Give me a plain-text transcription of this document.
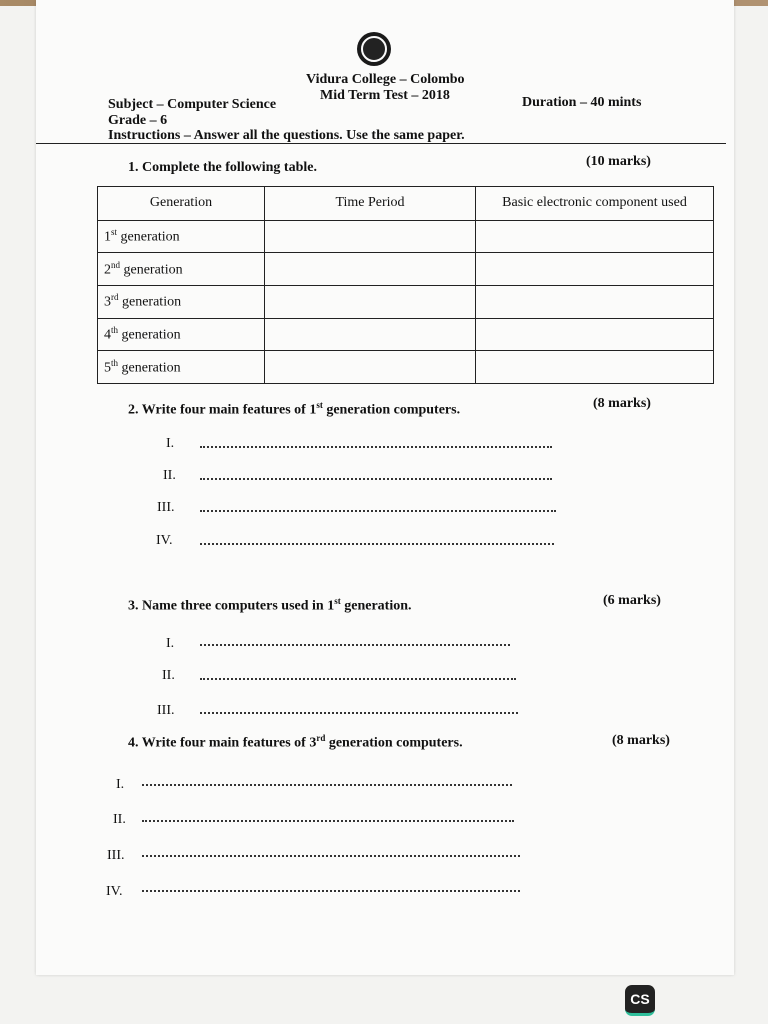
Vidura College – Colombo
Mid Term Test – 2018
Subject – Computer Science	Duration – 40 mints
Grade – 6
Instructions – Answer all the questions. Use the same paper.
1. Complete the following table.	(10 marks)
Generation	Time Period	Basic electronic component used
1st generation		
2nd generation		
3rd generation		
4th generation		
5th generation		
2. Write four main features of 1st generation computers.	(8 marks)
I.
II.
III.
IV.
3. Name three computers used in 1st generation.	(6 marks)
I.
II.
III.
4. Write four main features of 3rd generation computers.	(8 marks)
I.
II.
III.
IV.
CS
